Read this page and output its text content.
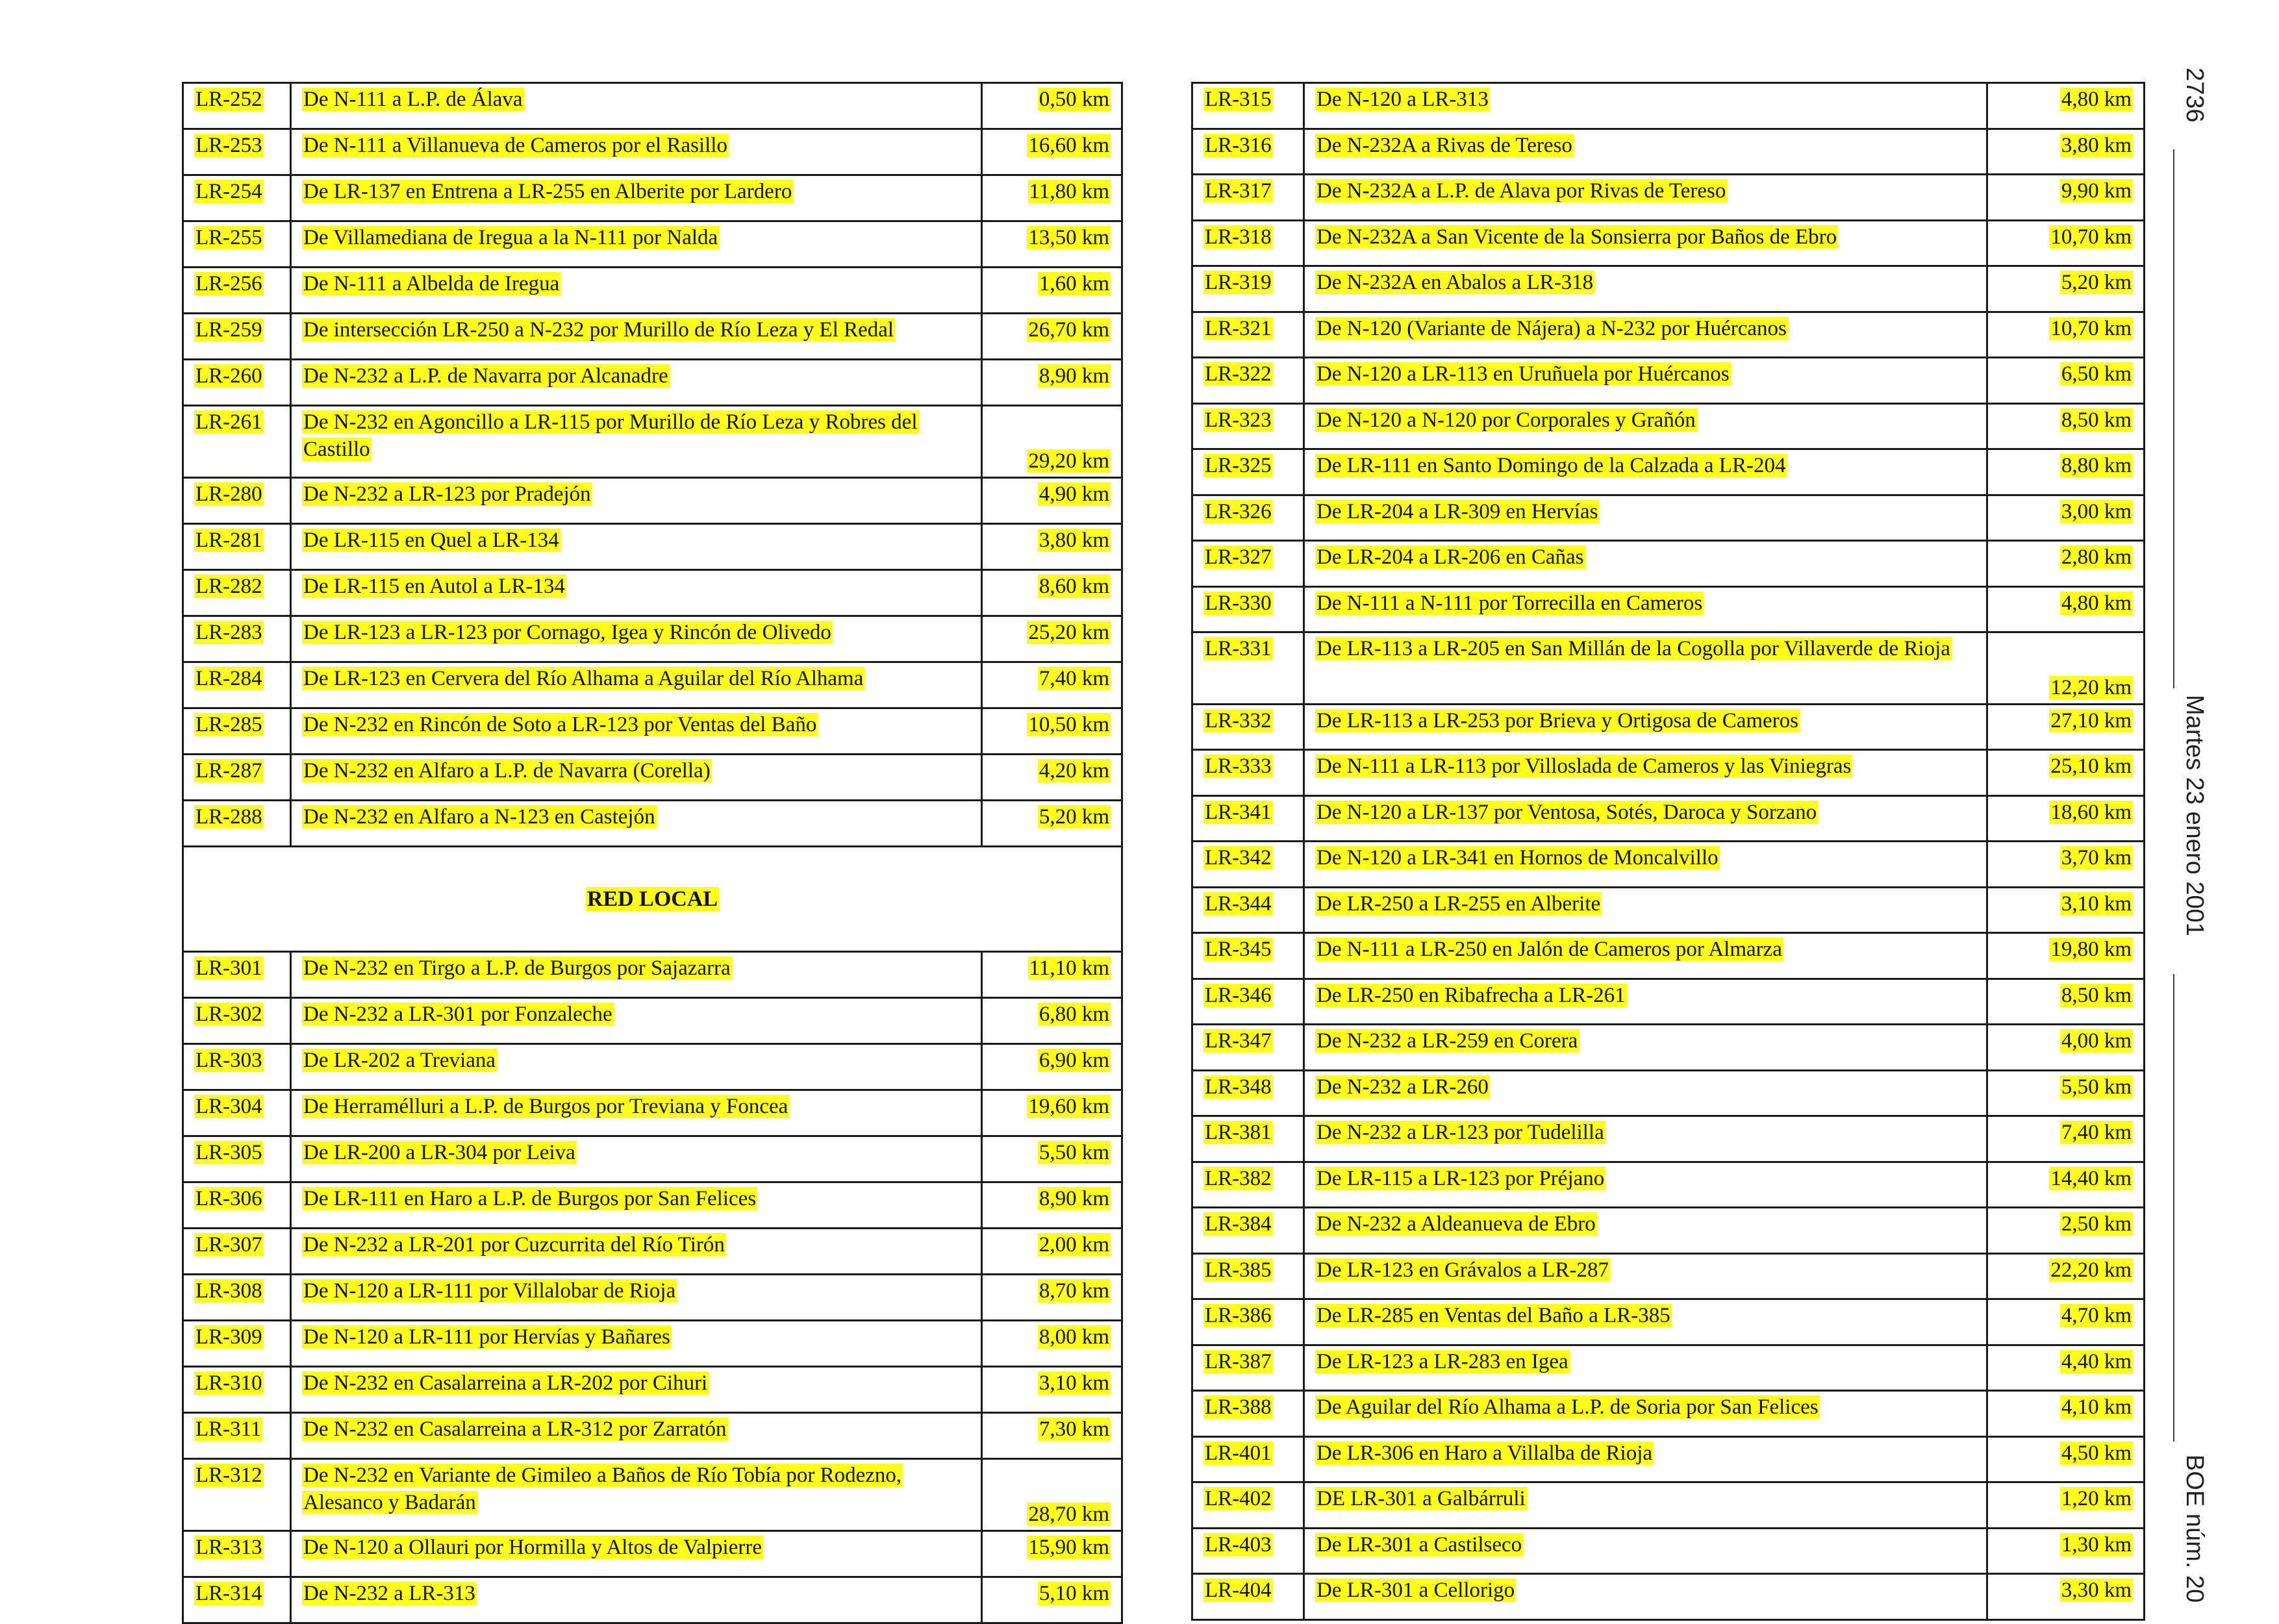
LR-252	De N-111 a L.P. de Álava	0,50 km
LR-253	De N-111 a Villanueva de Cameros por el Rasillo	16,60 km
LR-254	De LR-137 en Entrena a LR-255 en Alberite por Lardero	11,80 km
LR-255	De Villamediana de Iregua a la N-111 por Nalda	13,50 km
LR-256	De N-111 a Albelda de Iregua	1,60 km
LR-259	De intersección LR-250 a N-232 por Murillo de Río Leza y El Redal	26,70 km
LR-260	De N-232 a L.P. de Navarra por Alcanadre	8,90 km
LR-261	De N-232 en Agoncillo a LR-115 por Murillo de Río Leza y Robres del Castillo	29,20 km
LR-280	De N-232 a LR-123 por Pradejón	4,90 km
LR-281	De LR-115 en Quel a LR-134	3,80 km
LR-282	De LR-115 en Autol a LR-134	8,60 km
LR-283	De LR-123 a LR-123 por Cornago, Igea y Rincón de Olivedo	25,20 km
LR-284	De LR-123 en Cervera del Río Alhama a Aguilar del Río Alhama	7,40 km
LR-285	De N-232 en Rincón de Soto a LR-123 por Ventas del Baño	10,50 km
LR-287	De N-232 en Alfaro a L.P. de Navarra (Corella)	4,20 km
LR-288	De N-232 en Alfaro a N-123 en Castejón	5,20 km
RED LOCAL		
LR-301	De N-232 en Tirgo a L.P. de Burgos por Sajazarra	11,10 km
LR-302	De N-232 a LR-301 por Fonzaleche	6,80 km
LR-303	De LR-202 a Treviana	6,90 km
LR-304	De Herramélluri a L.P. de Burgos por Treviana y Foncea	19,60 km
LR-305	De LR-200 a LR-304 por Leiva	5,50 km
LR-306	De LR-111 en Haro a L.P. de Burgos por San Felices	8,90 km
LR-307	De N-232 a LR-201 por Cuzcurrita del Río Tirón	2,00 km
LR-308	De N-120 a LR-111 por Villalobar de Rioja	8,70 km
LR-309	De N-120 a LR-111 por Hervías y Bañares	8,00 km
LR-310	De N-232 en Casalarreina a LR-202 por Cihuri	3,10 km
LR-311	De N-232 en Casalarreina a LR-312 por Zarratón	7,30 km
LR-312	De N-232 en Variante de Gimileo a Baños de Río Tobía por Rodezno, Alesanco y Badarán	28,70 km
LR-313	De N-120 a Ollauri por Hormilla y Altos de Valpierre	15,90 km
LR-314	De N-232 a LR-313	5,10 km
LR-315	De N-120 a LR-313	4,80 km
LR-316	De N-232A a Rivas de Tereso	3,80 km
LR-317	De N-232A a L.P. de Alava por Rivas de Tereso	9,90 km
LR-318	De N-232A a San Vicente de la Sonsierra por Baños de Ebro	10,70 km
LR-319	De N-232A en Abalos a LR-318	5,20 km
LR-321	De N-120 (Variante de Nájera) a N-232 por Huércanos	10,70 km
LR-322	De N-120 a LR-113 en Uruñuela por Huércanos	6,50 km
LR-323	De N-120 a N-120 por Corporales y Grañón	8,50 km
LR-325	De LR-111 en Santo Domingo de la Calzada a LR-204	8,80 km
LR-326	De LR-204 a LR-309 en Hervías	3,00 km
LR-327	De LR-204 a LR-206 en Cañas	2,80 km
LR-330	De N-111 a N-111 por Torrecilla en Cameros	4,80 km
LR-331	De LR-113 a LR-205 en San Millán de la Cogolla por Villaverde de Rioja	12,20 km
LR-332	De LR-113 a LR-253 por Brieva y Ortigosa de Cameros	27,10 km
LR-333	De N-111 a LR-113 por Villoslada de Cameros y las Viniegras	25,10 km
LR-341	De N-120 a LR-137 por Ventosa, Sotés, Daroca y Sorzano	18,60 km
LR-342	De N-120 a LR-341 en Hornos de Moncalvillo	3,70 km
LR-344	De LR-250 a LR-255 en Alberite	3,10 km
LR-345	De N-111 a LR-250 en Jalón de Cameros por Almarza	19,80 km
LR-346	De LR-250 en Ribafrecha a LR-261	8,50 km
LR-347	De N-232 a LR-259 en Corera	4,00 km
LR-348	De N-232 a LR-260	5,50 km
LR-381	De N-232 a LR-123 por Tudelilla	7,40 km
LR-382	De LR-115 a LR-123 por Préjano	14,40 km
LR-384	De N-232 a Aldeanueva de Ebro	2,50 km
LR-385	De LR-123 en Grávalos a LR-287	22,20 km
LR-386	De LR-285 en Ventas del Baño a LR-385	4,70 km
LR-387	De LR-123 a LR-283 en Igea	4,40 km
LR-388	De Aguilar del Río Alhama a L.P. de Soria por San Felices	4,10 km
LR-401	De LR-306 en Haro a Villalba de Rioja	4,50 km
LR-402	DE LR-301 a Galbárruli	1,20 km
LR-403	De LR-301 a Castilseco	1,30 km
LR-404	De LR-301 a Cellorigo	3,30 km
2736
Martes 23 enero 2001
BOE núm. 20
